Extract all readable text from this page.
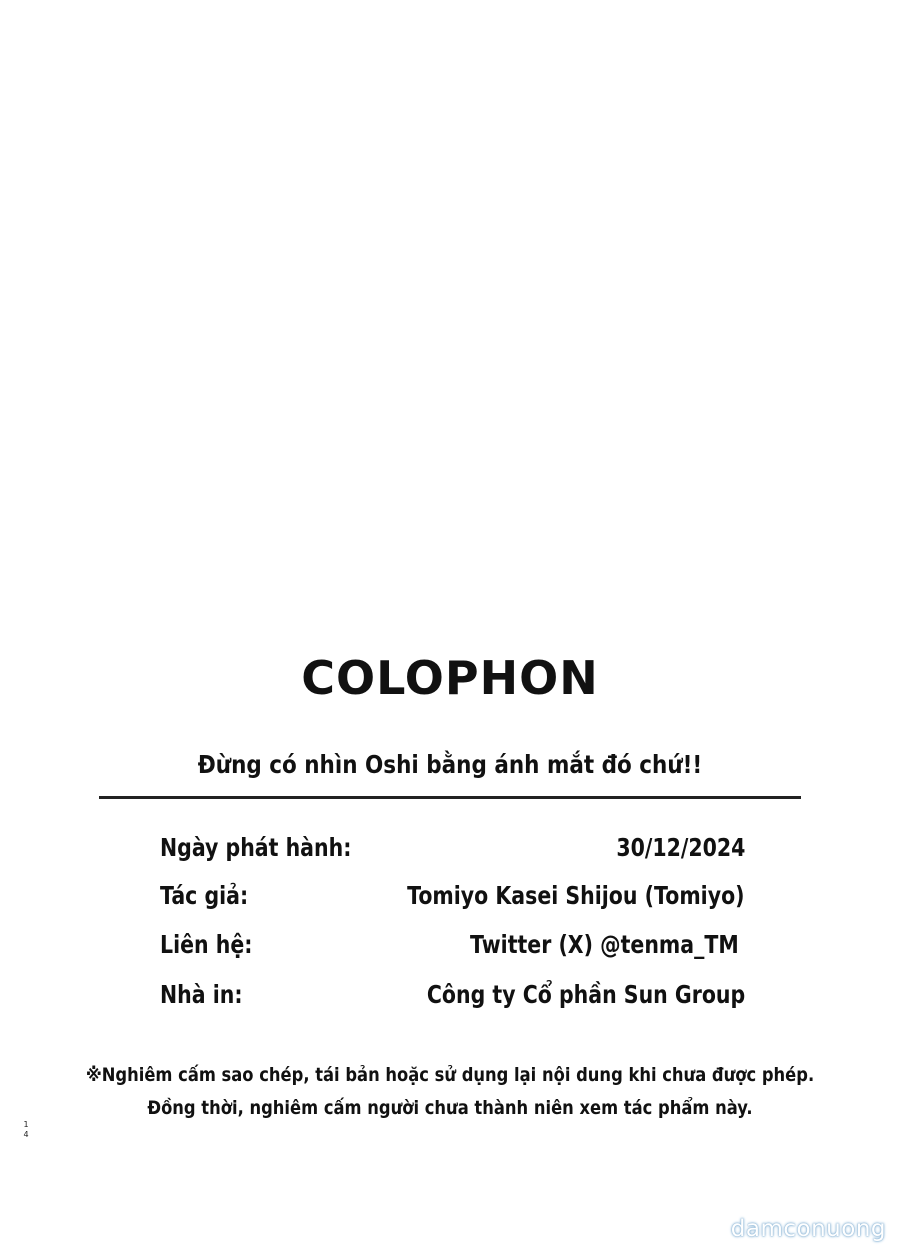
COLOPHON
Đừng có nhìn Oshi bằng ánh mắt đó chứ!!
Ngày phát hành:	30/12/2024
Tác giả:	Tomiyo Kasei Shijou (Tomiyo)
Liên hệ:	Twitter (X) @tenma_TM
Nhà in:	Công ty Cổ phần Sun Group
※Nghiêm cấm sao chép, tái bản hoặc sử dụng lại nội dung khi chưa được phép.
Đồng thời, nghiêm cấm người chưa thành niên xem tác phẩm này.
14
damconuong
